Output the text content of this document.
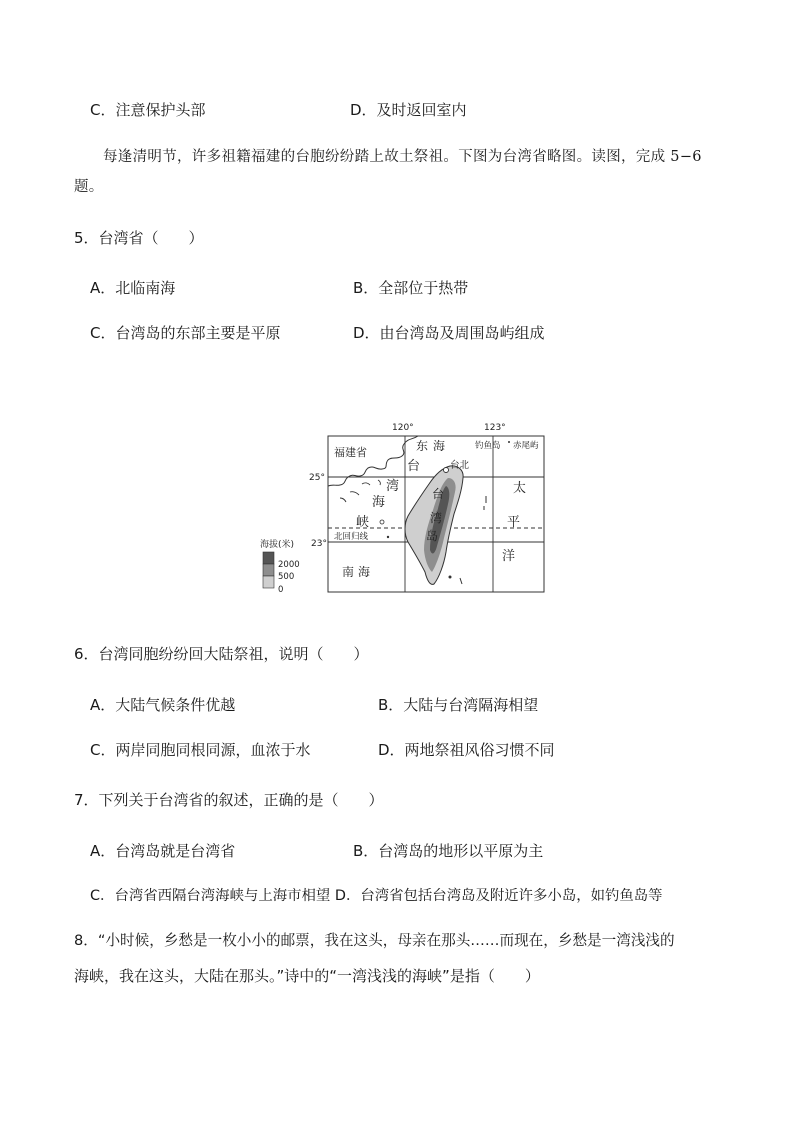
C．注意保护头部	D．及时返回室内
每逢清明节，许多祖籍福建的台胞纷纷踏上故土祭祖。下图为台湾省略图。读图，完成 5−6
题。
5．台湾省（　　）
A．北临南海	B．全部位于热带
C．台湾岛的东部主要是平原	D．由台湾岛及周围岛屿组成
120°	123°
25°
23°
福建省	东海	钓鱼岛 赤尾屿
台	台北
湾
海
峡
北回归线
台
湾
岛
太
平
洋
南海
海拔(米)
2000
500
0
6．台湾同胞纷纷回大陆祭祖，说明（　　）
A．大陆气候条件优越	B．大陆与台湾隔海相望
C．两岸同胞同根同源，血浓于水	D．两地祭祖风俗习惯不同
7．下列关于台湾省的叙述，正确的是（　　）
A．台湾岛就是台湾省	B．台湾岛的地形以平原为主
C．台湾省西隔台湾海峡与上海市相望 D．台湾省包括台湾岛及附近许多小岛，如钓鱼岛等
8．“小时候，乡愁是一枚小小的邮票，我在这头，母亲在那头……而现在，乡愁是一湾浅浅的
海峡，我在这头，大陆在那头。”诗中的“一湾浅浅的海峡”是指（　　）
